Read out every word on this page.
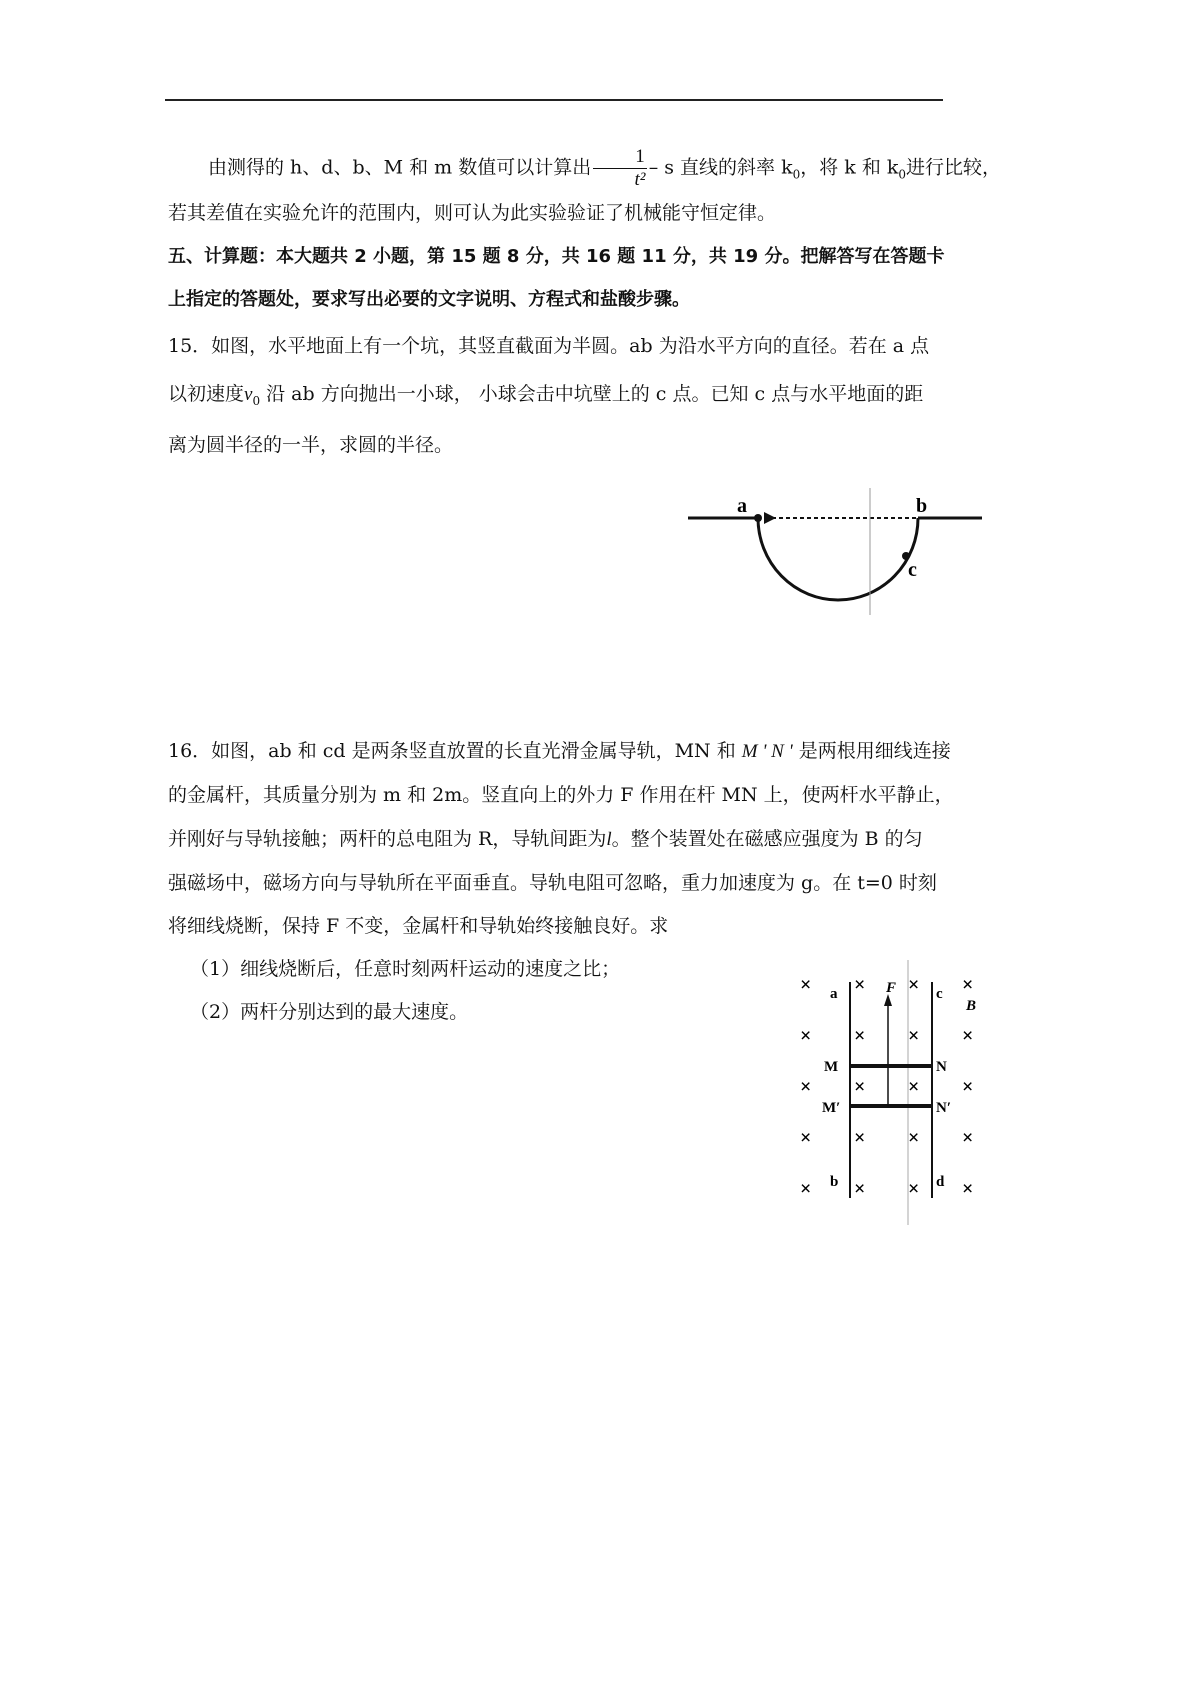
由测得的 h、d、b、M 和 m 数值可以计算出 $\frac{1}{\text{t²}}$ – s 直线的斜率 $k_0$，将 k 和 $k_0$进行比较，
若其差值在实验允许的范围内，则可认为此实验验证了机械能守恒定律。
五、计算题：本大题共 2 小题，第 15 题 8 分，共 16 题 11 分，共 19 分。把解答写在答题卡
上指定的答题处，要求写出必要的文字说明、方程式和盐酸步骤。
15．如图，水平地面上有一个坑，其竖直截面为半圆。ab 为沿水平方向的直径。若在 a 点
以初速度$v_0$ 沿 ab 方向抛出一小球， 小球会击中坑壁上的 c 点。已知 c 点与水平地面的距
离为圆半径的一半，求圆的半径。
a	b
c
16．如图，ab 和 cd 是两条竖直放置的长直光滑金属导轨，MN 和 M ' N ' 是两根用细线连接
的金属杆，其质量分别为 m 和 2m。竖直向上的外力 F 作用在杆 MN 上，使两杆水平静止，
并刚好与导轨接触；两杆的总电阻为 R，导轨间距为l。整个装置处在磁感应强度为 B 的匀
强磁场中，磁场方向与导轨所在平面垂直。导轨电阻可忽略，重力加速度为 g。在 t=0 时刻
将细线烧断，保持 F 不变，金属杆和导轨始终接触良好。求
（1）细线烧断后，任意时刻两杆运动的速度之比；
（2）两杆分别达到的最大速度。
× × × ×
× × × ×
× × × ×
× × × ×
× × × ×
a	c
b	d
F
B
M	N
M′	N′
